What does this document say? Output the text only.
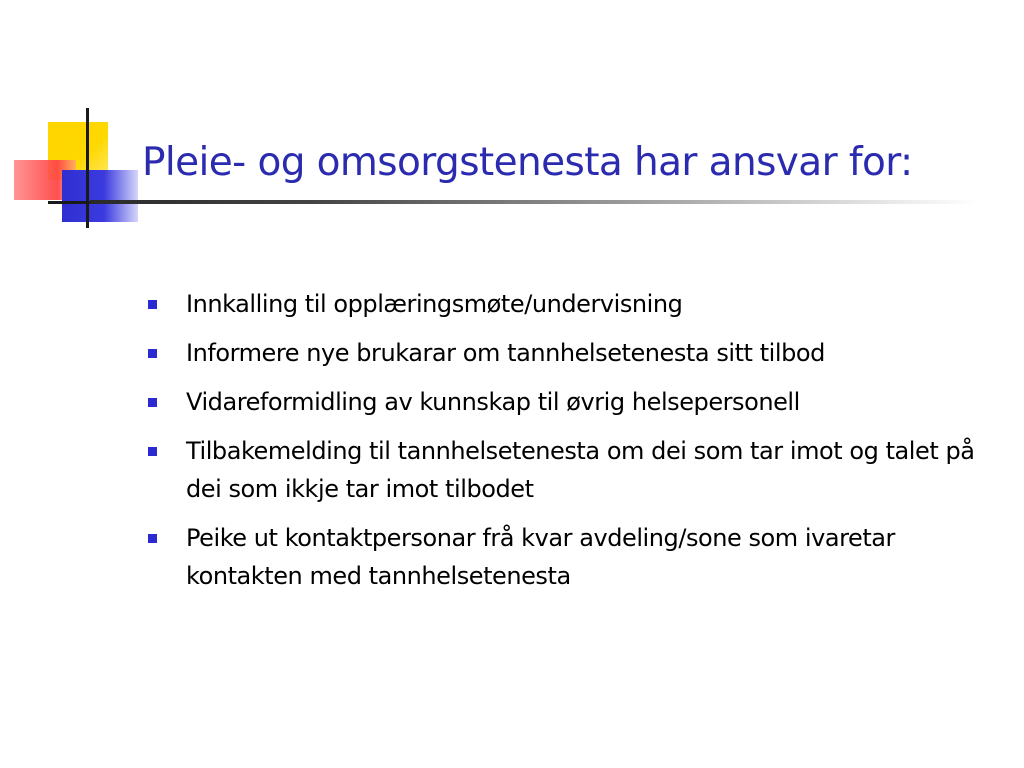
Pleie- og omsorgstenesta har ansvar for:
Innkalling til opplæringsmøte/undervisning
Informere nye brukarar om tannhelsetenesta sitt tilbod
Vidareformidling av kunnskap til øvrig helsepersonell
Tilbakemelding til tannhelsetenesta om dei som tar imot og talet på dei som ikkje tar imot tilbodet
Peike ut kontaktpersonar frå kvar avdeling/sone som ivaretar kontakten med tannhelsetenesta
